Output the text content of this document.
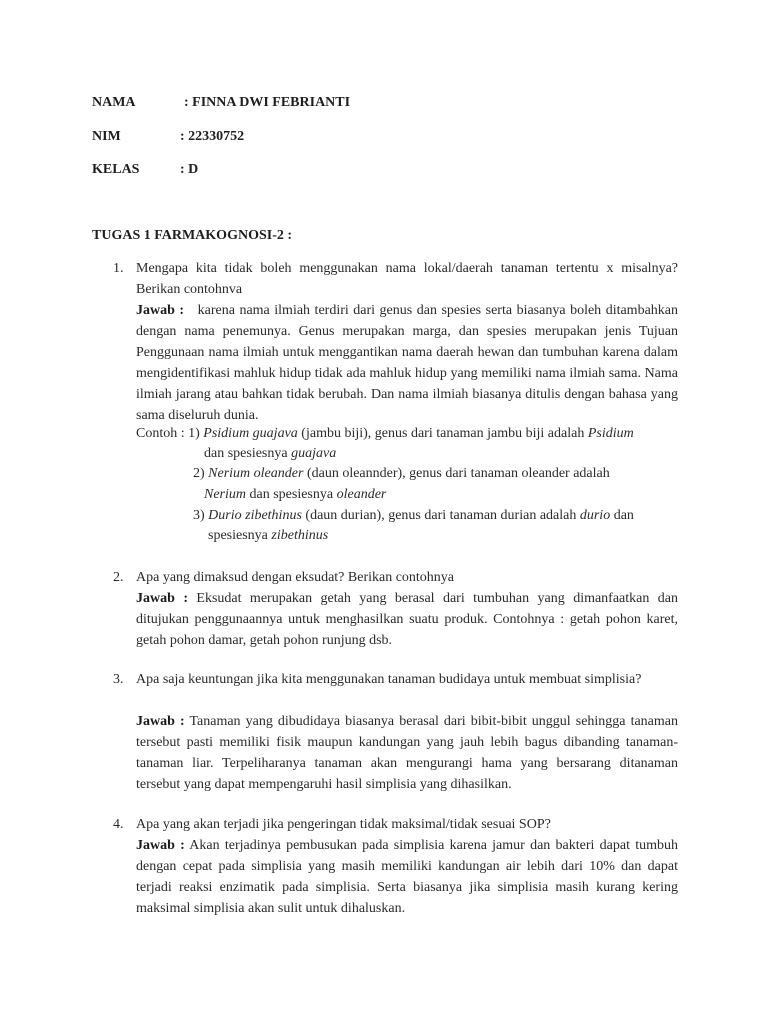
NAMA	: FINNA DWI FEBRIANTI
NIM	: 22330752
KELAS	: D
TUGAS 1 FARMAKOGNOSI-2 :
1. Mengapa kita tidak boleh menggunakan nama lokal/daerah tanaman tertentu x misalnya? Berikan contohnva
Jawab : karena nama ilmiah terdiri dari genus dan spesies serta biasanya boleh ditambahkan dengan nama penemunya. Genus merupakan marga, dan spesies merupakan jenis Tujuan Penggunaan nama ilmiah untuk menggantikan nama daerah hewan dan tumbuhan karena dalam mengidentifikasi mahluk hidup tidak ada mahluk hidup yang memiliki nama ilmiah sama. Nama ilmiah jarang atau bahkan tidak berubah. Dan nama ilmiah biasanya ditulis dengan bahasa yang sama diseluruh dunia.
Contoh : 1) Psidium guajava (jambu biji), genus dari tanaman jambu biji adalah Psidium
dan spesiesnya guajava
2) Nerium oleander (daun oleannder), genus dari tanaman oleander adalah
Nerium dan spesiesnya oleander
3) Durio zibethinus (daun durian), genus dari tanaman durian adalah durio dan
spesiesnya zibethinus
2. Apa yang dimaksud dengan eksudat? Berikan contohnya
Jawab : Eksudat merupakan getah yang berasal dari tumbuhan yang dimanfaatkan dan ditujukan penggunaannya untuk menghasilkan suatu produk. Contohnya : getah pohon karet, getah pohon damar, getah pohon runjung dsb.
3. Apa saja keuntungan jika kita menggunakan tanaman budidaya untuk membuat simplisia?
Jawab : Tanaman yang dibudidaya biasanya berasal dari bibit-bibit unggul sehingga tanaman tersebut pasti memiliki fisik maupun kandungan yang jauh lebih bagus dibanding tanaman-tanaman liar. Terpeliharanya tanaman akan mengurangi hama yang bersarang ditanaman tersebut yang dapat mempengaruhi hasil simplisia yang dihasilkan.
4. Apa yang akan terjadi jika pengeringan tidak maksimal/tidak sesuai SOP?
Jawab : Akan terjadinya pembusukan pada simplisia karena jamur dan bakteri dapat tumbuh dengan cepat pada simplisia yang masih memiliki kandungan air lebih dari 10% dan dapat terjadi reaksi enzimatik pada simplisia. Serta biasanya jika simplisia masih kurang kering maksimal simplisia akan sulit untuk dihaluskan.
